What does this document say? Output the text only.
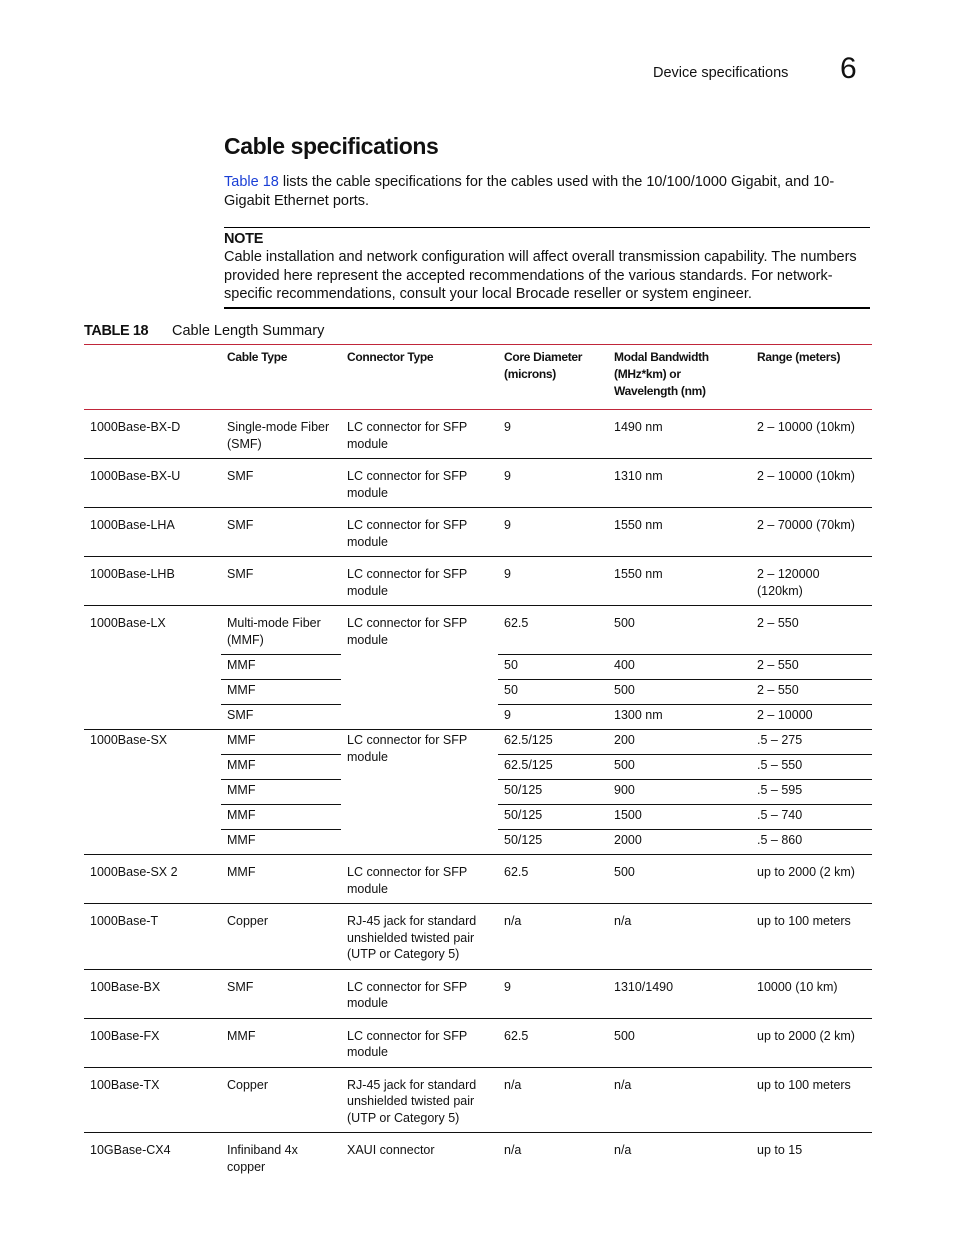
Device specifications 6
Cable specifications
Table 18 lists the cable specifications for the cables used with the 10/100/1000 Gigabit, and 10-Gigabit Ethernet ports.
NOTE
Cable installation and network configuration will affect overall transmission capability. The numbers provided here represent the accepted recommendations of the various standards. For network-specific recommendations, consult your local Brocade reseller or system engineer.
TABLE 18 Cable Length Summary
	Cable Type	Connector Type	Core Diameter (microns)	Modal Bandwidth (MHz*km) or Wavelength (nm)	Range (meters)
1000Base-BX-D	Single-mode Fiber (SMF)	LC connector for SFP module	9	1490 nm	2 – 10000 (10km)
1000Base-BX-U	SMF	LC connector for SFP module	9	1310 nm	2 – 10000 (10km)
1000Base-LHA	SMF	LC connector for SFP module	9	1550 nm	2 – 70000 (70km)
1000Base-LHB	SMF	LC connector for SFP module	9	1550 nm	2 – 120000 (120km)
1000Base-LX	Multi-mode Fiber (MMF)	LC connector for SFP module	62.5	500	2 – 550
	MMF		50	400	2 – 550
	MMF		50	500	2 – 550
	SMF		9	1300 nm	2 – 10000
1000Base-SX	MMF	LC connector for SFP module	62.5/125	200	.5 – 275
	MMF		62.5/125	500	.5 – 550
	MMF		50/125	900	.5 – 595
	MMF		50/125	1500	.5 – 740
	MMF		50/125	2000	.5 – 860
1000Base-SX 2	MMF	LC connector for SFP module	62.5	500	up to 2000 (2 km)
1000Base-T	Copper	RJ-45 jack for standard unshielded twisted pair (UTP or Category 5)	n/a	n/a	up to 100 meters
100Base-BX	SMF	LC connector for SFP module	9	1310/1490	10000 (10 km)
100Base-FX	MMF	LC connector for SFP module	62.5	500	up to 2000 (2 km)
100Base-TX	Copper	RJ-45 jack for standard unshielded twisted pair (UTP or Category 5)	n/a	n/a	up to 100 meters
10GBase-CX4	Infiniband 4x copper	XAUI connector	n/a	n/a	up to 15
